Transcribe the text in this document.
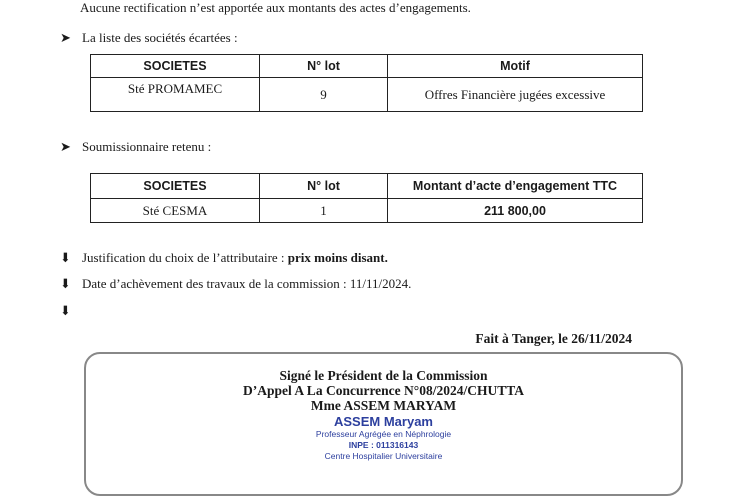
Aucune rectification n’est apportée aux montants des actes d’engagements.
➤ La liste des sociétés écartées :
SOCIETES	N° lot	Motif
Sté PROMAMEC	9	Offres Financière jugées excessive
➤ Soumissionnaire retenu :
SOCIETES	N° lot	Montant d’acte d’engagement TTC
Sté CESMA	1	211 800,00
⬇ Justification du choix de l’attributaire : prix moins disant.
⬇ Date d’achèvement des travaux de la commission : 11/11/2024.
⬇
Fait à Tanger, le 26/11/2024
Signé le Président de la Commission
D’Appel A La Concurrence N°08/2024/CHUTTA
Mme ASSEM MARYAM
ASSEM Maryam
Professeur Agrégée en Néphrologie
INPE : 011316143
Centre Hospitalier Universitaire
